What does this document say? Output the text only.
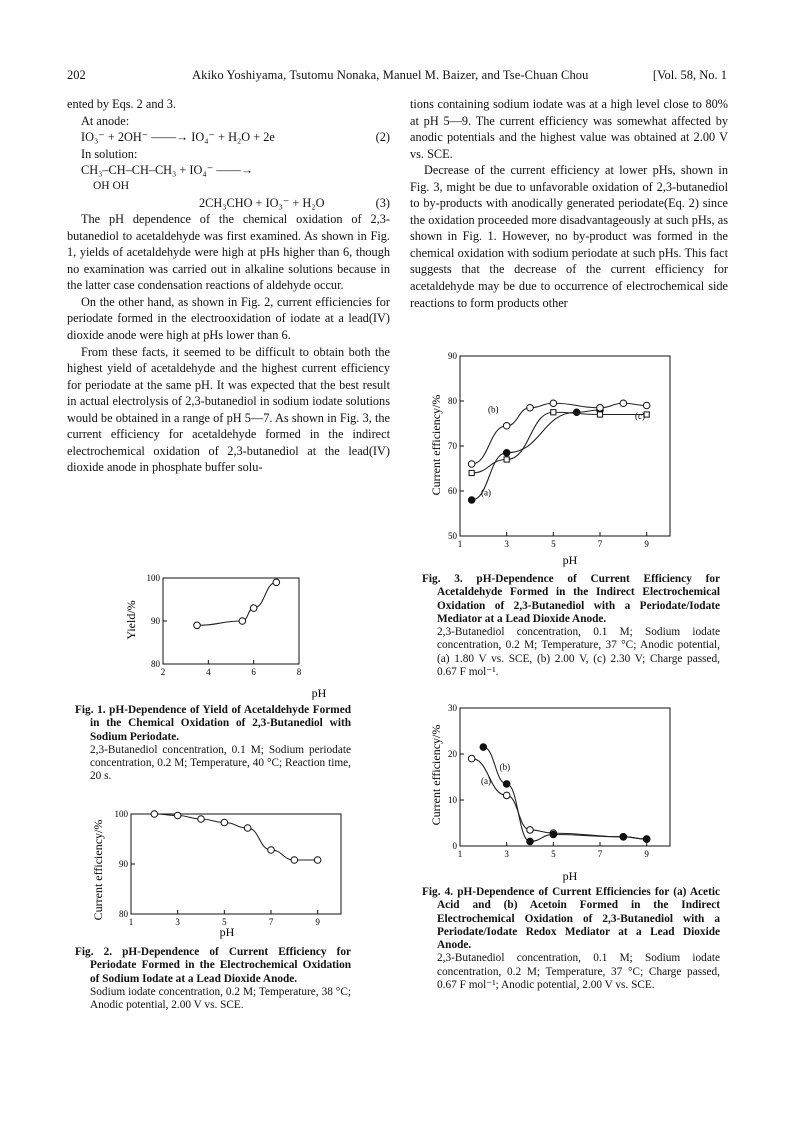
202	Akiko Yoshiyama, Tsutomu Nonaka, Manuel M. Baizer, and Tse-Chuan Chou	[Vol. 58, No. 1

ented by Eqs. 2 and 3.

At anode:

IO₃⁻ + 2OH⁻ ——→ IO₄⁻ + H₂O + 2e	(2)

In solution:

CH₃–CH–CH–CH₃ + IO₄⁻ ——→
OH OH
2CH₃CHO + IO₃⁻ + H₂O	(3)

The pH dependence of the chemical oxidation of 2,3-butanediol to acetaldehyde was first examined. As shown in Fig. 1, yields of acetaldehyde were high at pHs higher than 6, though no examination was carried out in alkaline solutions because in the latter case condensation reactions of aldehyde occur.

On the other hand, as shown in Fig. 2, current efficiencies for periodate formed in the electrooxidation of iodate at a lead(IV) dioxide anode were high at pHs lower than 6.

From these facts, it seemed to be difficult to obtain both the highest yield of acetaldehyde and the highest current efficiency for periodate at the same pH. It was expected that the best result in actual electrolysis of 2,3-butanediol in sodium iodate solutions would be obtained in a range of pH 5—7. As shown in Fig. 3, the current efficiency for acetaldehyde formed in the indirect electrochemical oxidation of 2,3-butanediol at the lead(IV) dioxide anode in phosphate buffer solu-

tions containing sodium iodate was at a high level close to 80% at pH 5—9. The current efficiency was somewhat affected by anodic potentials and the highest value was obtained at 2.00 V vs. SCE.

Decrease of the current efficiency at lower pHs, shown in Fig. 3, might be due to unfavorable oxidation of 2,3-butanediol to by-products with anodically generated periodate(Eq. 2) since the oxidation proceeded more disadvantageously at such pHs, as shown in Fig. 1. However, no by-product was formed in the chemical oxidation with sodium periodate at such pHs. This fact suggests that the decrease of the current efficiency for acetaldehyde may be due to occurrence of electrochemical side reactions to form products other

Yield/%
pH
2	4	6	8
80
90
100
Fig. 1. pH-Dependence of Yield of Acetaldehyde Formed in the Chemical Oxidation of 2,3-Butanediol with Sodium Periodate.
2,3-Butanediol concentration, 0.1 M; Sodium periodate concentration, 0.2 M; Temperature, 40 °C; Reaction time, 20 s.
Current efficiency/%
pH
1	3	5	7	9
80
90
100
Fig. 2. pH-Dependence of Current Efficiency for Periodate Formed in the Electrochemical Oxidation of Sodium Iodate at a Lead Dioxide Anode.
Sodium iodate concentration, 0.2 M; Temperature, 38 °C; Anodic potential, 2.00 V vs. SCE.
Current efficiency/%
pH
1	3	5	7	9
50
60
70
80
90
(a)
(b)
(c)
Fig. 3. pH-Dependence of Current Efficiency for Acetaldehyde Formed in the Indirect Electrochemical Oxidation of 2,3-Butanediol with a Periodate/Iodate Mediator at a Lead Dioxide Anode.
2,3-Butanediol concentration, 0.1 M; Sodium iodate concentration, 0.2 M; Temperature, 37 °C; Anodic potential, (a) 1.80 V vs. SCE, (b) 2.00 V, (c) 2.30 V; Charge passed, 0.67 F mol⁻¹.
Current efficiency/%
pH
1	3	5	7	9
0
10
20
30
(a)
(b)
Fig. 4. pH-Dependence of Current Efficiencies for (a) Acetic Acid and (b) Acetoin Formed in the Indirect Electrochemical Oxidation of 2,3-Butanediol with a Periodate/Iodate Redox Mediator at a Lead Dioxide Anode.
2,3-Butanediol concentration, 0.1 M; Sodium iodate concentration, 0.2 M; Temperature, 37 °C; Charge passed, 0.67 F mol⁻¹; Anodic potential, 2.00 V vs. SCE.
